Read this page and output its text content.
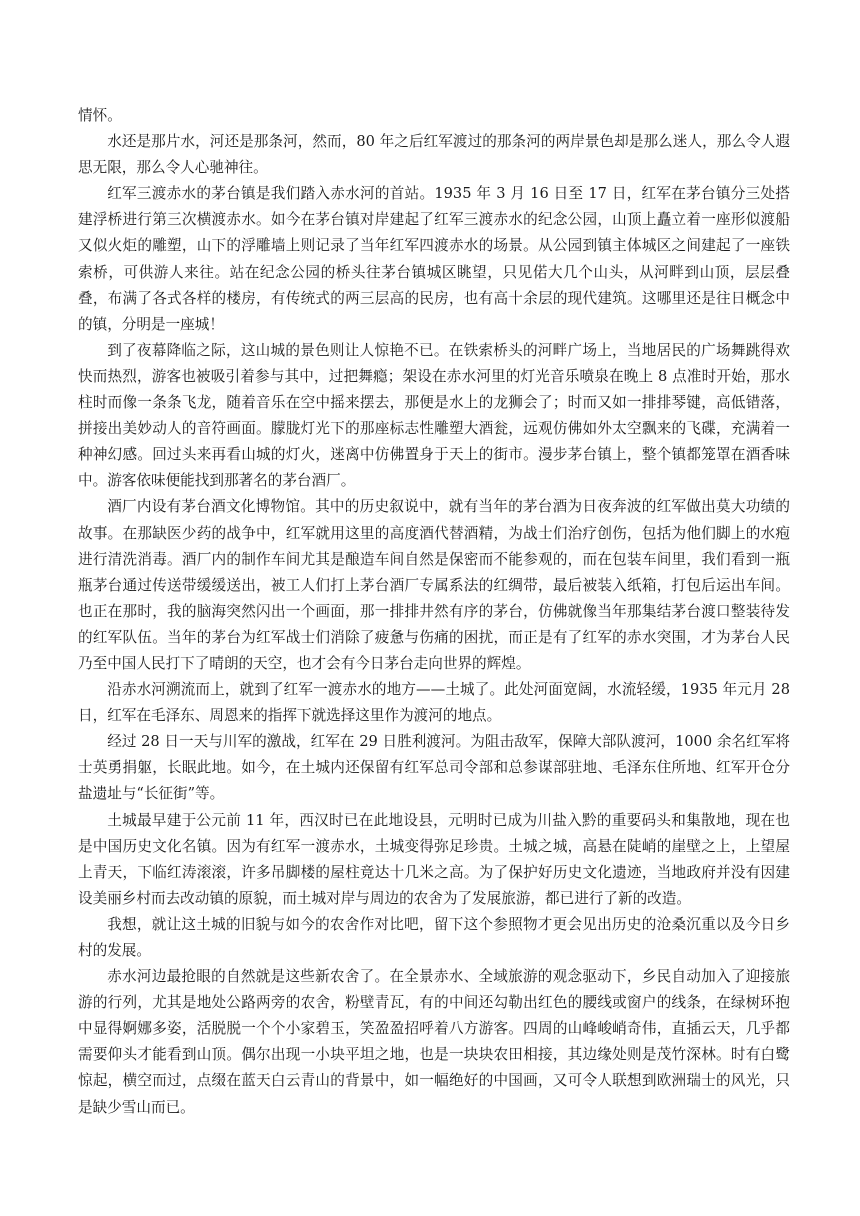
情怀。

水还是那片水，河还是那条河，然而，80 年之后红军渡过的那条河的两岸景色却是那么迷人，那么令人遐思无限，那么令人心驰神往。

红军三渡赤水的茅台镇是我们踏入赤水河的首站。1935 年 3 月 16 日至 17 日，红军在茅台镇分三处搭建浮桥进行第三次横渡赤水。如今在茅台镇对岸建起了红军三渡赤水的纪念公园，山顶上矗立着一座形似渡船又似火炬的雕塑，山下的浮雕墙上则记录了当年红军四渡赤水的场景。从公园到镇主体城区之间建起了一座铁索桥，可供游人来往。站在纪念公园的桥头往茅台镇城区眺望，只见偌大几个山头，从河畔到山顶，层层叠叠，布满了各式各样的楼房，有传统式的两三层高的民房，也有高十余层的现代建筑。这哪里还是往日概念中的镇，分明是一座城！

到了夜幕降临之际，这山城的景色则让人惊艳不已。在铁索桥头的河畔广场上，当地居民的广场舞跳得欢快而热烈，游客也被吸引着参与其中，过把舞瘾；架设在赤水河里的灯光音乐喷泉在晚上 8 点准时开始，那水柱时而像一条条飞龙，随着音乐在空中摇来摆去，那便是水上的龙狮会了；时而又如一排排琴键，高低错落，拼接出美妙动人的音符画面。朦胧灯光下的那座标志性雕塑大酒瓮，远观仿佛如外太空飘来的飞碟，充满着一种神幻感。回过头来再看山城的灯火，迷离中仿佛置身于天上的街市。漫步茅台镇上，整个镇都笼罩在酒香味中。游客依味便能找到那著名的茅台酒厂。

酒厂内设有茅台酒文化博物馆。其中的历史叙说中，就有当年的茅台酒为日夜奔波的红军做出莫大功绩的故事。在那缺医少药的战争中，红军就用这里的高度酒代替酒精，为战士们治疗创伤，包括为他们脚上的水疱进行清洗消毒。酒厂内的制作车间尤其是酿造车间自然是保密而不能参观的，而在包装车间里，我们看到一瓶瓶茅台通过传送带缓缓送出，被工人们打上茅台酒厂专属系法的红绸带，最后被装入纸箱，打包后运出车间。也正在那时，我的脑海突然闪出一个画面，那一排排井然有序的茅台，仿佛就像当年那集结茅台渡口整装待发的红军队伍。当年的茅台为红军战士们消除了疲惫与伤痛的困扰，而正是有了红军的赤水突围，才为茅台人民乃至中国人民打下了晴朗的天空，也才会有今日茅台走向世界的辉煌。

沿赤水河溯流而上，就到了红军一渡赤水的地方——土城了。此处河面宽阔，水流轻缓，1935 年元月 28 日，红军在毛泽东、周恩来的指挥下就选择这里作为渡河的地点。

经过 28 日一天与川军的激战，红军在 29 日胜利渡河。为阻击敌军，保障大部队渡河，1000 余名红军将士英勇捐躯，长眠此地。如今，在土城内还保留有红军总司令部和总参谋部驻地、毛泽东住所地、红军开仓分盐遗址与“长征街”等。

土城最早建于公元前 11 年，西汉时已在此地设县，元明时已成为川盐入黔的重要码头和集散地，现在也是中国历史文化名镇。因为有红军一渡赤水，土城变得弥足珍贵。土城之城，高悬在陡峭的崖壁之上，上望屋上青天，下临红涛滚滚，许多吊脚楼的屋柱竟达十几米之高。为了保护好历史文化遗迹，当地政府并没有因建设美丽乡村而去改动镇的原貌，而土城对岸与周边的农舍为了发展旅游，都已进行了新的改造。

我想，就让这土城的旧貌与如今的农舍作对比吧，留下这个参照物才更会见出历史的沧桑沉重以及今日乡村的发展。

赤水河边最抢眼的自然就是这些新农舍了。在全景赤水、全域旅游的观念驱动下，乡民自动加入了迎接旅游的行列，尤其是地处公路两旁的农舍，粉壁青瓦，有的中间还勾勒出红色的腰线或窗户的线条，在绿树环抱中显得婀娜多姿，活脱脱一个个小家碧玉，笑盈盈招呼着八方游客。四周的山峰峻峭奇伟，直插云天，几乎都需要仰头才能看到山顶。偶尔出现一小块平坦之地，也是一块块农田相接，其边缘处则是茂竹深林。时有白鹭惊起，横空而过，点缀在蓝天白云青山的背景中，如一幅绝好的中国画，又可令人联想到欧洲瑞士的风光，只是缺少雪山而已。
